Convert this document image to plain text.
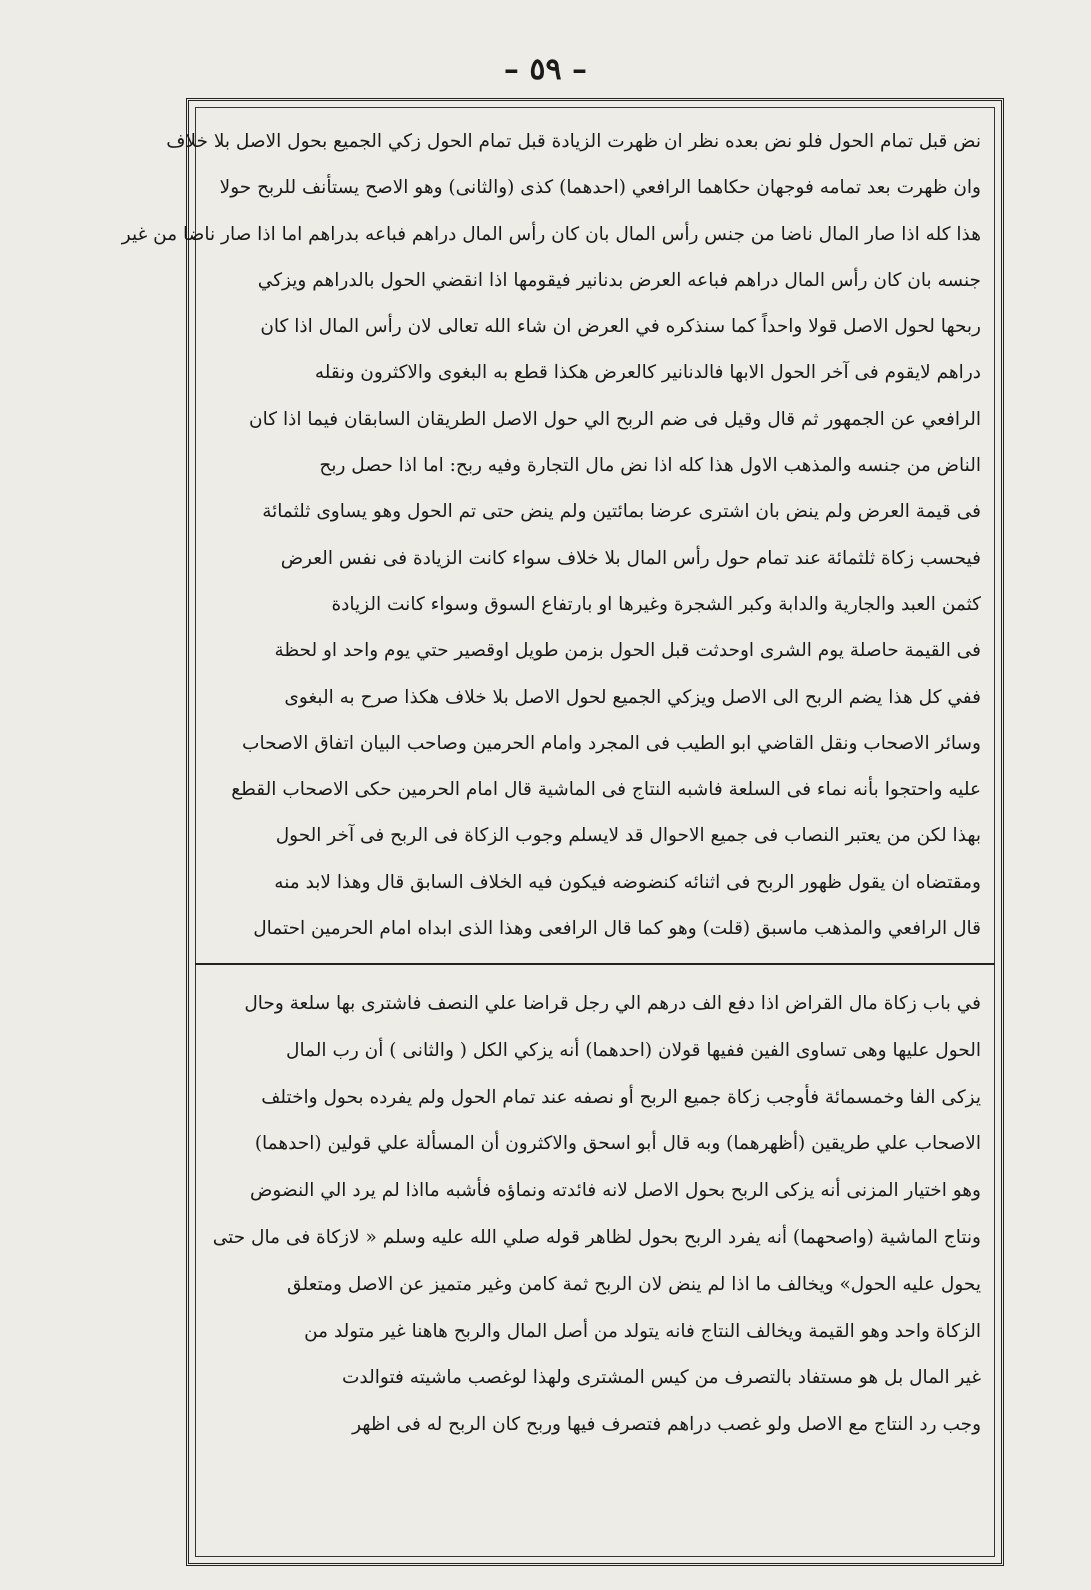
– ٥٩ –
نض قبل تمام الحول فلو نض بعده نظر ان ظهرت الزيادة قبل تمام الحول زكي الجميع بحول الاصل بلا خلاف
وان ظهرت بعد تمامه فوجهان حكاهما الرافعي (احدهما) كذى (والثانى) وهو الاصح يستأنف للربح حولا
هذا كله اذا صار المال ناضا من جنس رأس المال بان كان رأس المال دراهم فباعه بدراهم اما اذا صار ناضا من غير
جنسه بان كان رأس المال دراهم فباعه العرض بدنانير فيقومها اذا انقضي الحول بالدراهم ويزكي
ربحها لحول الاصل قولا واحداً كما سنذكره في العرض ان شاء الله تعالى لان رأس المال اذا كان
دراهم لايقوم فى آخر الحول الابها فالدنانير كالعرض هكذا قطع به البغوى والاكثرون ونقله
الرافعي عن الجمهور ثم قال وقيل فى ضم الربح الي حول الاصل الطريقان السابقان فيما اذا كان
الناض من جنسه والمذهب الاول هذا كله اذا نض مال التجارة وفيه ربح: اما اذا حصل ربح
فى قيمة العرض ولم ينض بان اشترى عرضا بمائتين ولم ينض حتى تم الحول وهو يساوى ثلثمائة
فيحسب زكاة ثلثمائة عند تمام حول رأس المال بلا خلاف سواء كانت الزيادة فى نفس العرض
كثمن العبد والجارية والدابة وكبر الشجرة وغيرها او بارتفاع السوق وسواء كانت الزيادة
فى القيمة حاصلة يوم الشرى اوحدثت قبل الحول بزمن طويل اوقصير حتي يوم واحد او لحظة
ففي كل هذا يضم الربح الى الاصل ويزكي الجميع لحول الاصل بلا خلاف هكذا صرح به البغوى
وسائر الاصحاب ونقل القاضي ابو الطيب فى المجرد وامام الحرمين وصاحب البيان اتفاق الاصحاب
عليه واحتجوا بأنه نماء فى السلعة فاشبه النتاج فى الماشية قال امام الحرمين حكى الاصحاب القطع
بهذا لكن من يعتبر النصاب فى جميع الاحوال قد لايسلم وجوب الزكاة فى الربح فى آخر الحول
ومقتضاه ان يقول ظهور الربح فى اثنائه كنضوضه فيكون فيه الخلاف السابق قال وهذا لابد منه
قال الرافعي والمذهب ماسبق (قلت) وهو كما قال الرافعى وهذا الذى ابداه امام الحرمين احتمال
في باب زكاة مال القراض اذا دفع الف درهم الي رجل قراضا علي النصف فاشترى بها سلعة وحال
الحول عليها وهى تساوى الفين ففيها قولان (احدهما) أنه يزكي الكل ( والثانى ) أن رب المال
يزكى الفا وخمسمائة فأوجب زكاة جميع الربح أو نصفه عند تمام الحول ولم يفرده بحول واختلف
الاصحاب علي طريقين (أظهرهما) وبه قال أبو اسحق والاكثرون أن المسألة علي قولين (احدهما)
وهو اختيار المزنى أنه يزكى الربح بحول الاصل لانه فائدته ونماؤه فأشبه مااذا لم يرد الي النضوض
ونتاج الماشية (واصحهما) أنه يفرد الربح بحول لظاهر قوله صلي الله عليه وسلم « لازكاة فى مال حتى
يحول عليه الحول» ويخالف ما اذا لم ينض لان الربح ثمة كامن وغير متميز عن الاصل ومتعلق
الزكاة واحد وهو القيمة ويخالف النتاج فانه يتولد من أصل المال والربح هاهنا غير متولد من
غير المال بل هو مستفاد بالتصرف من كيس المشترى ولهذا لوغصب ماشيته فتوالدت
وجب رد النتاج مع الاصل ولو غصب دراهم فتصرف فيها وربح كان الربح له فى اظهر
